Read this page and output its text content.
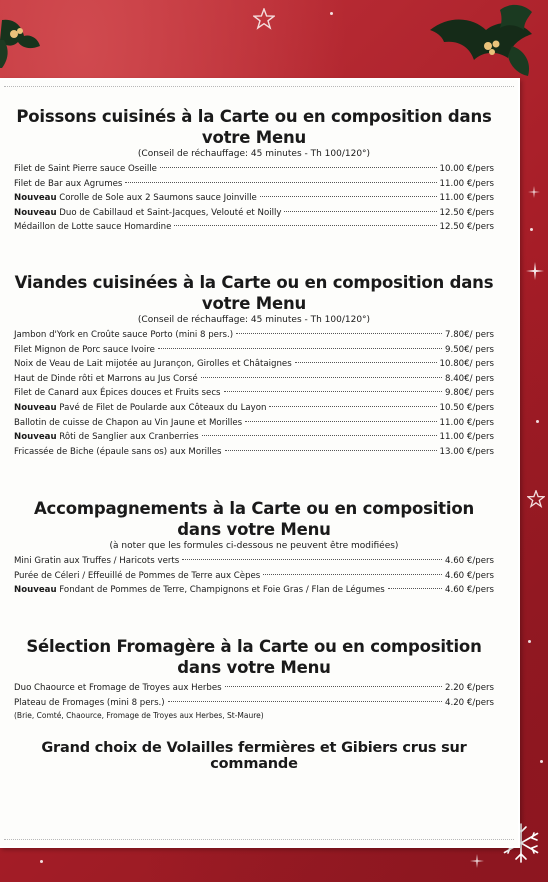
Poissons cuisinés à la Carte ou en composition dans votre Menu
(Conseil de réchauffage: 45 minutes - Th 100/120°)
Filet de Saint Pierre sauce Oseille	10.00 €/pers
Filet de Bar aux Agrumes	11.00 €/pers
Nouveau Corolle de Sole aux 2 Saumons sauce Joinville	11.00 €/pers
Nouveau Duo de Cabillaud et Saint-Jacques, Velouté et Noilly	12.50 €/pers
Médaillon de Lotte sauce Homardine	12.50 €/pers
Viandes cuisinées à la Carte ou en composition dans votre Menu
(Conseil de réchauffage: 45 minutes - Th 100/120°)
Jambon d'York en Croûte sauce Porto (mini 8 pers.)	7.80€/ pers
Filet Mignon de Porc sauce Ivoire	9.50€/ pers
Noix de Veau de Lait mijotée au Jurançon, Girolles et Châtaignes	10.80€/ pers
Haut de Dinde rôti et Marrons au Jus Corsé	8.40€/ pers
Filet de Canard aux Épices douces et Fruits secs	9.80€/ pers
Nouveau Pavé de Filet de Poularde aux Côteaux du Layon	10.50 €/pers
Ballotin de cuisse de Chapon au Vin Jaune et Morilles	11.00 €/pers
Nouveau Rôti de Sanglier aux Cranberries	11.00 €/pers
Fricassée de Biche (épaule sans os) aux Morilles	13.00 €/pers
Accompagnements à la Carte ou en composition dans votre Menu
(à noter que les formules ci-dessous ne peuvent être modifiées)
Mini Gratin aux Truffes / Haricots verts	4.60 €/pers
Purée de Céleri / Effeuillé de Pommes de Terre aux Cèpes	4.60 €/pers
Nouveau Fondant de Pommes de Terre, Champignons et Foie Gras / Flan de Légumes	4.60 €/pers
Sélection Fromagère à la Carte ou en composition dans votre Menu
Duo Chaource et Fromage de Troyes aux Herbes	2.20 €/pers
Plateau de Fromages (mini 8 pers.)	4.20 €/pers
(Brie, Comté, Chaource, Fromage de Troyes aux Herbes, St-Maure)
Grand choix de Volailles fermières et Gibiers crus sur commande
